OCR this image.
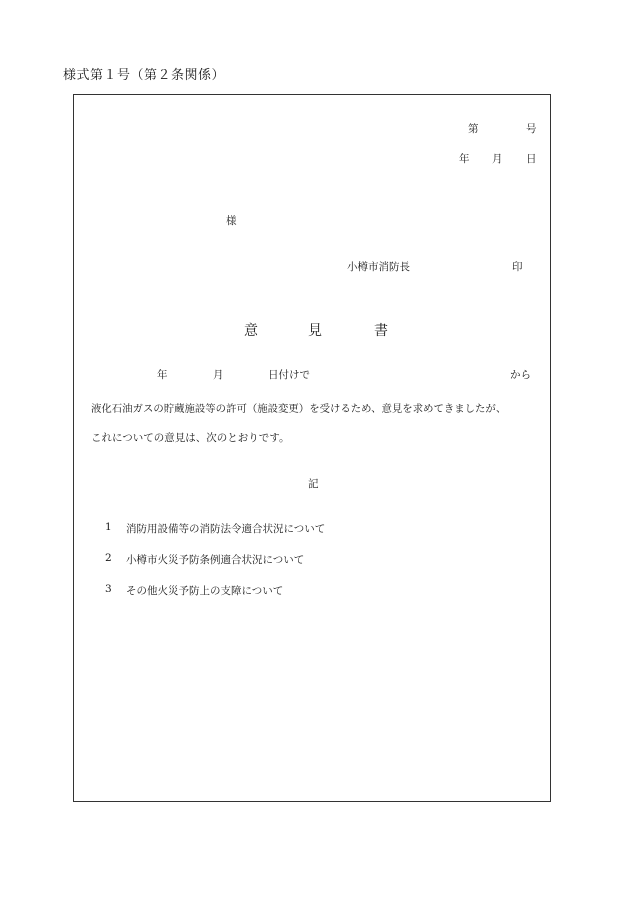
様式第１号（第２条関係）
第	号
年 月 日
様
小樽市消防長	印
意	見	書
年	月	日付けで	から
液化石油ガスの貯蔵施設等の許可（施設変更）を受けるため、意見を求めてきましたが、
これについての意見は、次のとおりです。
記
1 消防用設備等の消防法令適合状況について
2 小樽市火災予防条例適合状況について
3 その他火災予防上の支障について
